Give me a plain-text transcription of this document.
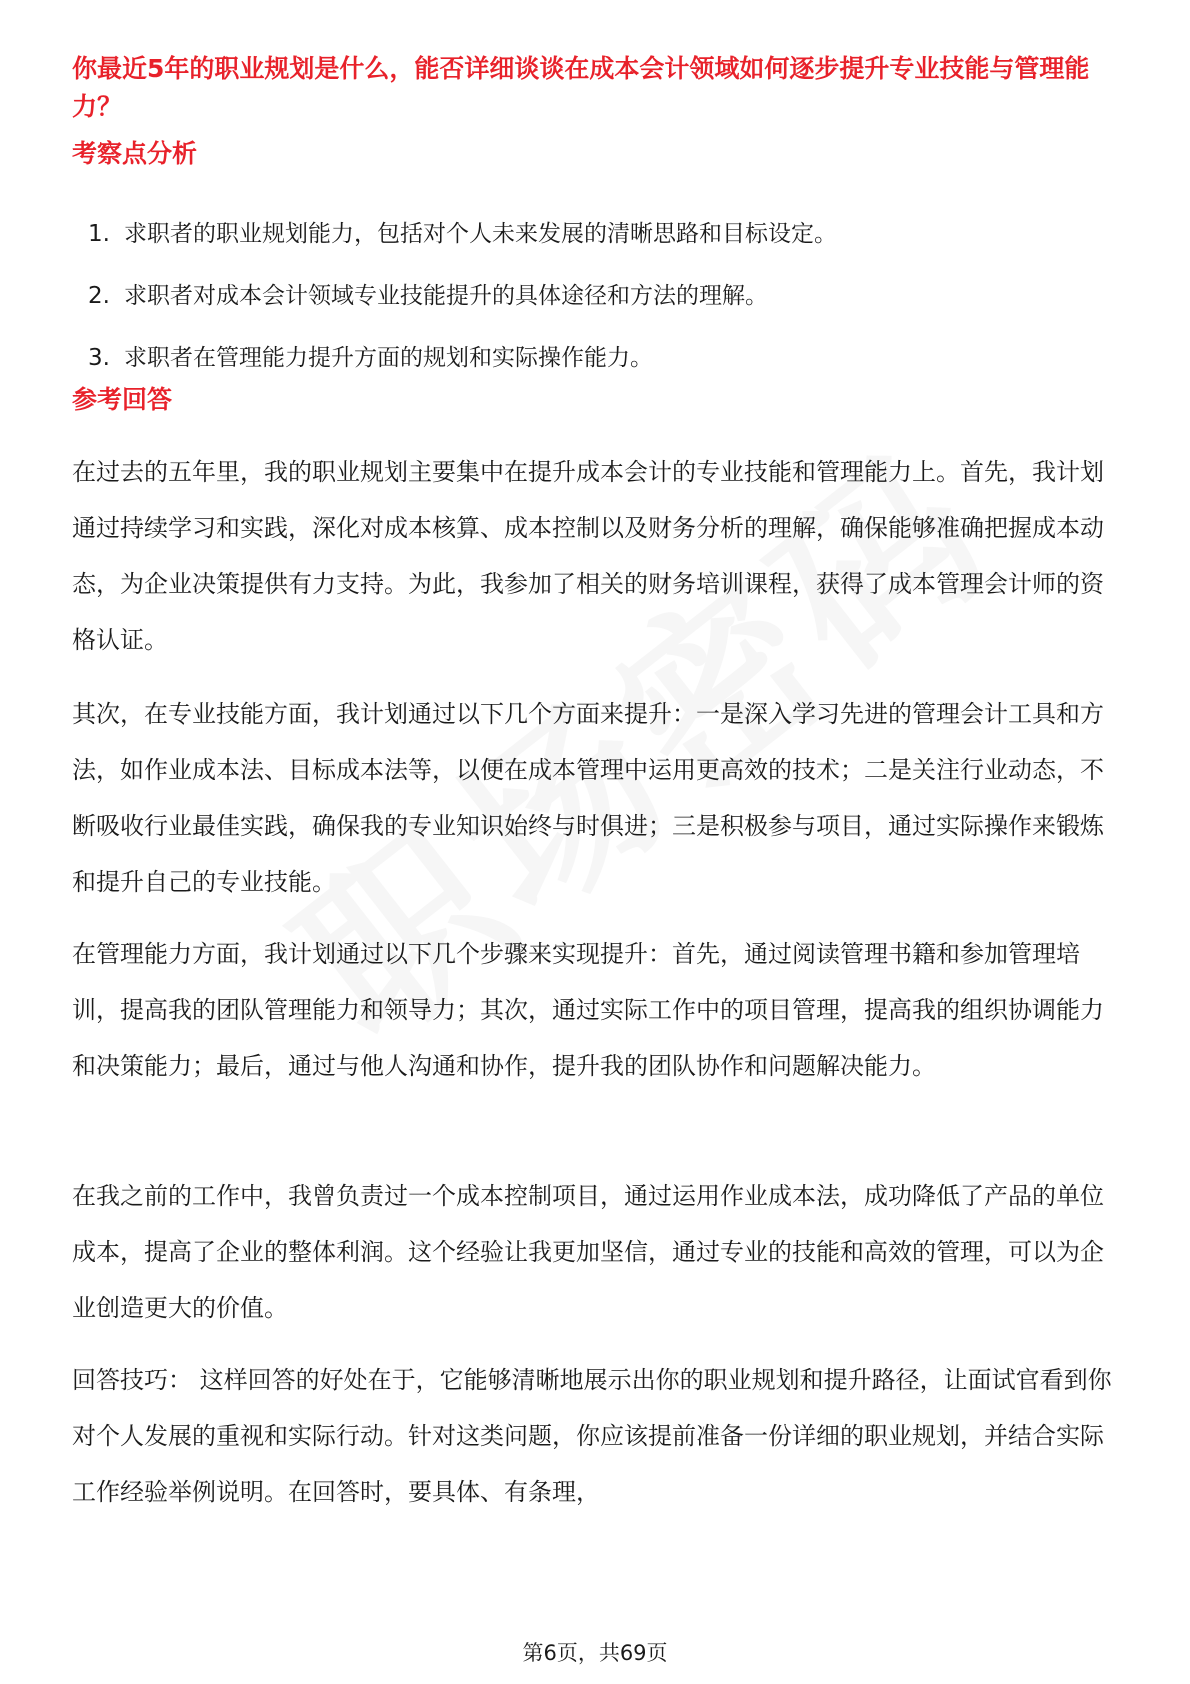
你最近5年的职业规划是什么，能否详细谈谈在成本会计领域如何逐步提升专业技能与管理能力？
考察点分析
1. 求职者的职业规划能力，包括对个人未来发展的清晰思路和目标设定。
2. 求职者对成本会计领域专业技能提升的具体途径和方法的理解。
3. 求职者在管理能力提升方面的规划和实际操作能力。
参考回答

在过去的五年里，我的职业规划主要集中在提升成本会计的专业技能和管理能力上。首先，我计划通过持续学习和实践，深化对成本核算、成本控制以及财务分析的理解，确保能够准确把握成本动态，为企业决策提供有力支持。为此，我参加了相关的财务培训课程，获得了成本管理会计师的资格认证。

其次，在专业技能方面，我计划通过以下几个方面来提升：一是深入学习先进的管理会计工具和方法，如作业成本法、目标成本法等，以便在成本管理中运用更高效的技术；二是关注行业动态，不断吸收行业最佳实践，确保我的专业知识始终与时俱进；三是积极参与项目，通过实际操作来锻炼和提升自己的专业技能。

在管理能力方面，我计划通过以下几个步骤来实现提升：首先，通过阅读管理书籍和参加管理培训，提高我的团队管理能力和领导力；其次，通过实际工作中的项目管理，提高我的组织协调能力和决策能力；最后，通过与他人沟通和协作，提升我的团队协作和问题解决能力。

在我之前的工作中，我曾负责过一个成本控制项目，通过运用作业成本法，成功降低了产品的单位成本，提高了企业的整体利润。这个经验让我更加坚信，通过专业的技能和高效的管理，可以为企业创造更大的价值。

回答技巧： 这样回答的好处在于，它能够清晰地展示出你的职业规划和提升路径，让面试官看到你对个人发展的重视和实际行动。针对这类问题，你应该提前准备一份详细的职业规划，并结合实际工作经验举例说明。在回答时，要具体、有条理，

第6页，共69页
